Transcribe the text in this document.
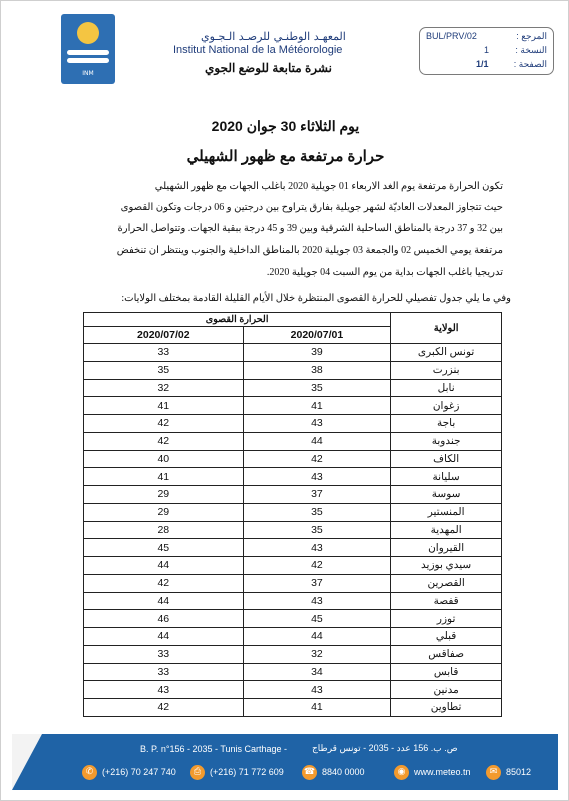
INM
المعهـد الوطنـي للرصـد الـجـوي
Institut National de la Météorologie
نشرة متابعة للوضع الجوي
BUL/PRV/02	المرجع :
1	النسخة :
1/1	الصفحة :
يوم الثلاثاء 30 جوان 2020
حرارة مرتفعة مع ظهور الشهيلي
تكون الحرارة مرتفعة يوم الغد الاربعاء 01 جويلية 2020 بأغلب الجهات مع ظهور الشهيلي
حيث تتجاوز المعدلات العاديّة لشهر جويلية بفارق يتراوح بين درجتين و 06 درجات وتكون القصوى
بين 32 و 37 درجة بالمناطق الساحلية الشرقية وبين 39 و 45 درجة ببقية الجهات. وتتواصل الحرارة
مرتفعة يومي الخميس 02 والجمعة 03 جويلية 2020 بالمناطق الداخلية والجنوب وينتظر أن تنخفض
تدريجيا بأغلب الجهات بداية من يوم السبت 04 جويلية 2020.
وفي ما يلي جدول تفصيلي للحرارة القصوى المنتظرة خلال الأيام القليلة القادمة بمختلف الولايات:
الحرارة القصوى		الولاية
2020/07/02	2020/07/01	
33	39	تونس الكبرى
35	38	بنزرت
32	35	نابل
41	41	زغوان
42	43	باجة
42	44	جندوبة
40	42	الكاف
41	43	سليانة
29	37	سوسة
29	35	المنستير
28	35	المهدية
45	43	القيروان
44	42	سيدي بوزيد
42	37	القصرين
44	43	قفصة
46	45	توزر
44	44	قبلي
33	32	صفاقس
33	34	قابس
43	43	مدنين
42	41	تطاوين
B. P. n°156 - 2035 - Tunis Carthage -	ص. ب. 156 عدد - 2035 - تونس قرطاج
✆ (+216) 70 247 740	⎙ (+216) 71 772 609 ☎ 8840 0000	◉ www.meteo.tn	✉ 85012
